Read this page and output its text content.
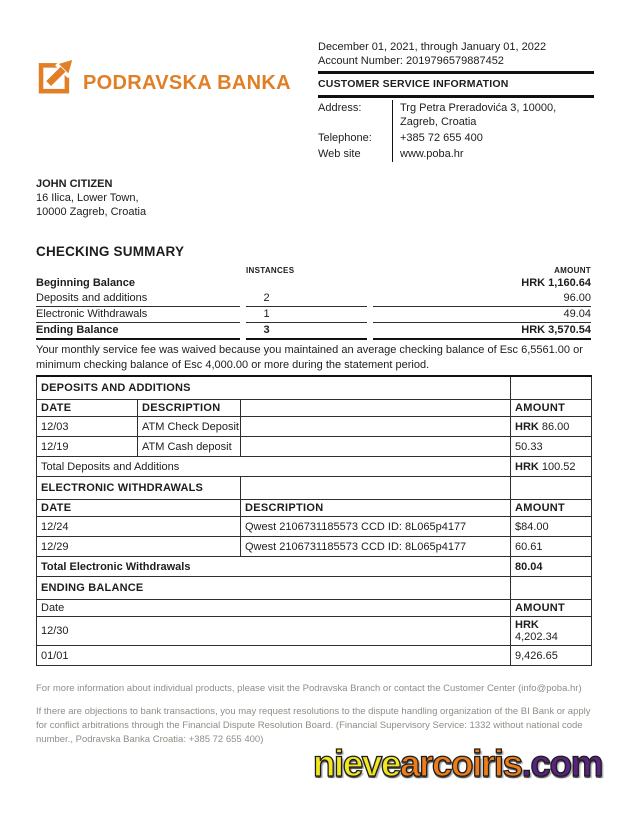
PODRAVSKA BANKA
December 01, 2021, through January 01, 2022
Account Number: 2019796579887452
CUSTOMER SERVICE INFORMATION
Address:	Trg Petra Preradovića 3, 10000, Zagreb, Croatia
Telephone:	+385 72 655 400
Web site	www.poba.hr
JOHN CITIZEN
16 Ilica, Lower Town,
10000 Zagreb, Croatia
CHECKING SUMMARY
INSTANCES	AMOUNT
Beginning Balance	HRK 1,160.64
Deposits and additions	2	96.00
Electronic Withdrawals	1	49.04
Ending Balance	3	HRK 3,570.54
Your monthly service fee was waived because you maintained an average checking balance of Esc 6,5561.00 or
minimum checking balance of Esc 4,000.00 or more during the statement period.
DEPOSITS AND ADDITIONS			
DATE	DESCRIPTION		AMOUNT
12/03	ATM Check Deposit		HRK 86.00
12/19	ATM Cash deposit		50.33
Total Deposits and Additions			HRK 100.52
ELECTRONIC WITHDRAWALS		
DATE	DESCRIPTION	AMOUNT
12/24	Qwest 2106731185573 CCD ID: 8L065p4177	$84.00
12/29	Qwest 2106731185573 CCD ID: 8L065p4177	60.61
Total Electronic Withdrawals		80.04
ENDING BALANCE	
Date	AMOUNT
12/30	HRK
4,202.34

01/01	9,426.65
For more information about individual products, please visit the Podravska Branch or contact the Customer Center (info@poba.hr)
If there are objections to bank transactions, you may request resolutions to the dispute handling organization of the BI Bank or apply for conflict arbitrations through the Financial Dispute Resolution Board. (Financial Supervisory Service: 1332 without national code number., Podravska Banka Croatia: +385 72 655 400)
nievearcoiris.com
